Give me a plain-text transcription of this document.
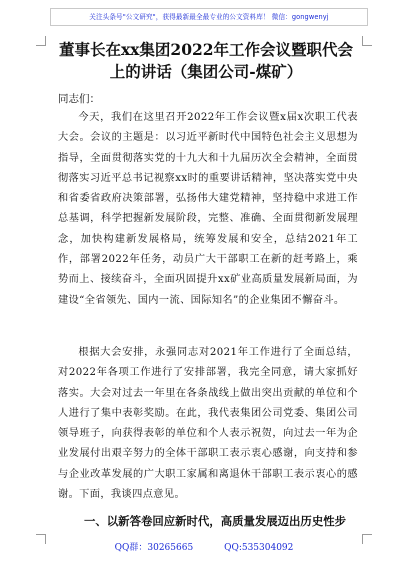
关注头条号"公文研究"，获得最新最全最专业的公文资料库！ 微信：gongwenyj
董事长在xx集团2022年工作会议暨职代会
上的讲话（集团公司-煤矿）
同志们：

今天，我们在这里召开2022年工作会议暨x届x次职工代表大会。会议的主题是：以习近平新时代中国特色社会主义思想为指导，全面贯彻落实党的十九大和十九届历次全会精神，全面贯彻落实习近平总书记视察xx时的重要讲话精神，坚决落实党中央和省委省政府决策部署，弘扬伟大建党精神，坚持稳中求进工作总基调，科学把握新发展阶段，完整、准确、全面贯彻新发展理念，加快构建新发展格局，统筹发展和安全，总结2021年工作，部署2022年任务，动员广大干部职工在新的赶考路上，乘势而上、接续奋斗，全面巩固提升xx矿业高质量发展新局面，为建设“全省领先、国内一流、国际知名”的企业集团不懈奋斗。

根据大会安排，永强同志对2021年工作进行了全面总结，对2022年各项工作进行了安排部署，我完全同意，请大家抓好落实。大会对过去一年里在各条战线上做出突出贡献的单位和个人进行了集中表彰奖励。在此，我代表集团公司党委、集团公司领导班子，向获得表彰的单位和个人表示祝贺，向过去一年为企业发展付出艰辛努力的全体干部职工表示衷心感谢，向支持和参与企业改革发展的广大职工家属和离退休干部职工表示衷心的感谢。下面，我谈四点意见。

一、以新答卷回应新时代，高质量发展迈出历史性步
QQ群：30265665	QQ:535304092
